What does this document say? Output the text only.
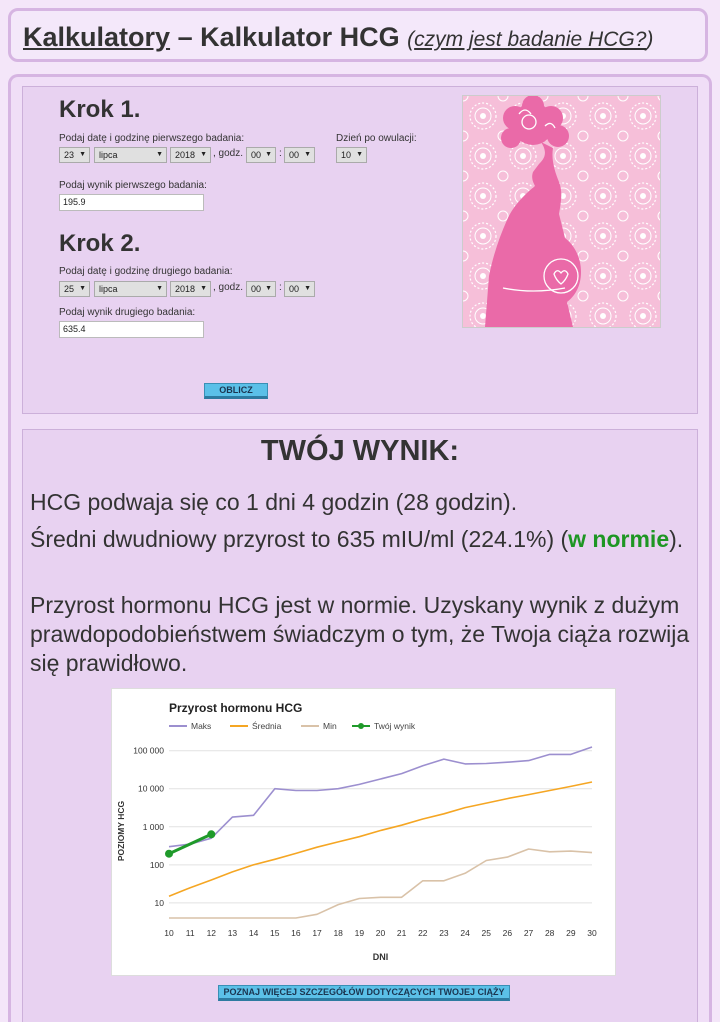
Kalkulatory – Kalkulator HCG (czym jest badanie HCG?)
Krok 1.
Podaj datę i godzinę pierwszego badania:
23 ▼	lipca	▼	2018 ▼ , godz. 00 ▼ : 00 ▼
Dzień po owulacji:
10 ▼
Podaj wynik pierwszego badania:
195.9
Krok 2.
Podaj datę i godzinę drugiego badania:
25 ▼	lipca	▼	2018 ▼ , godz. 00 ▼ : 00 ▼
Podaj wynik drugiego badania:
635.4
OBLICZ
TWÓJ WYNIK:
HCG podwaja się co 1 dni 4 godzin (28 godzin).
Średni dwudniowy przyrost to 635 mIU/ml (224.1%) (w normie).
Przyrost hormonu HCG jest w normie. Uzyskany wynik z dużym prawdopodobieństwem świadczym o tym, że Twoja ciąża rozwija się prawidłowo.
Przyrost hormonu HCG
Maks	Średnia	Min	Twój wynik
10
100
1 000
10 000
100 000
10 11 12 13 14 15 16 17 18 19 20 21 22 23 24 25 26 27 28 29 30
DNI
POZIOMY HCG
POZNAJ WIĘCEJ SZCZEGÓŁÓW DOTYCZĄCYCH TWOJEJ CIĄŻY
